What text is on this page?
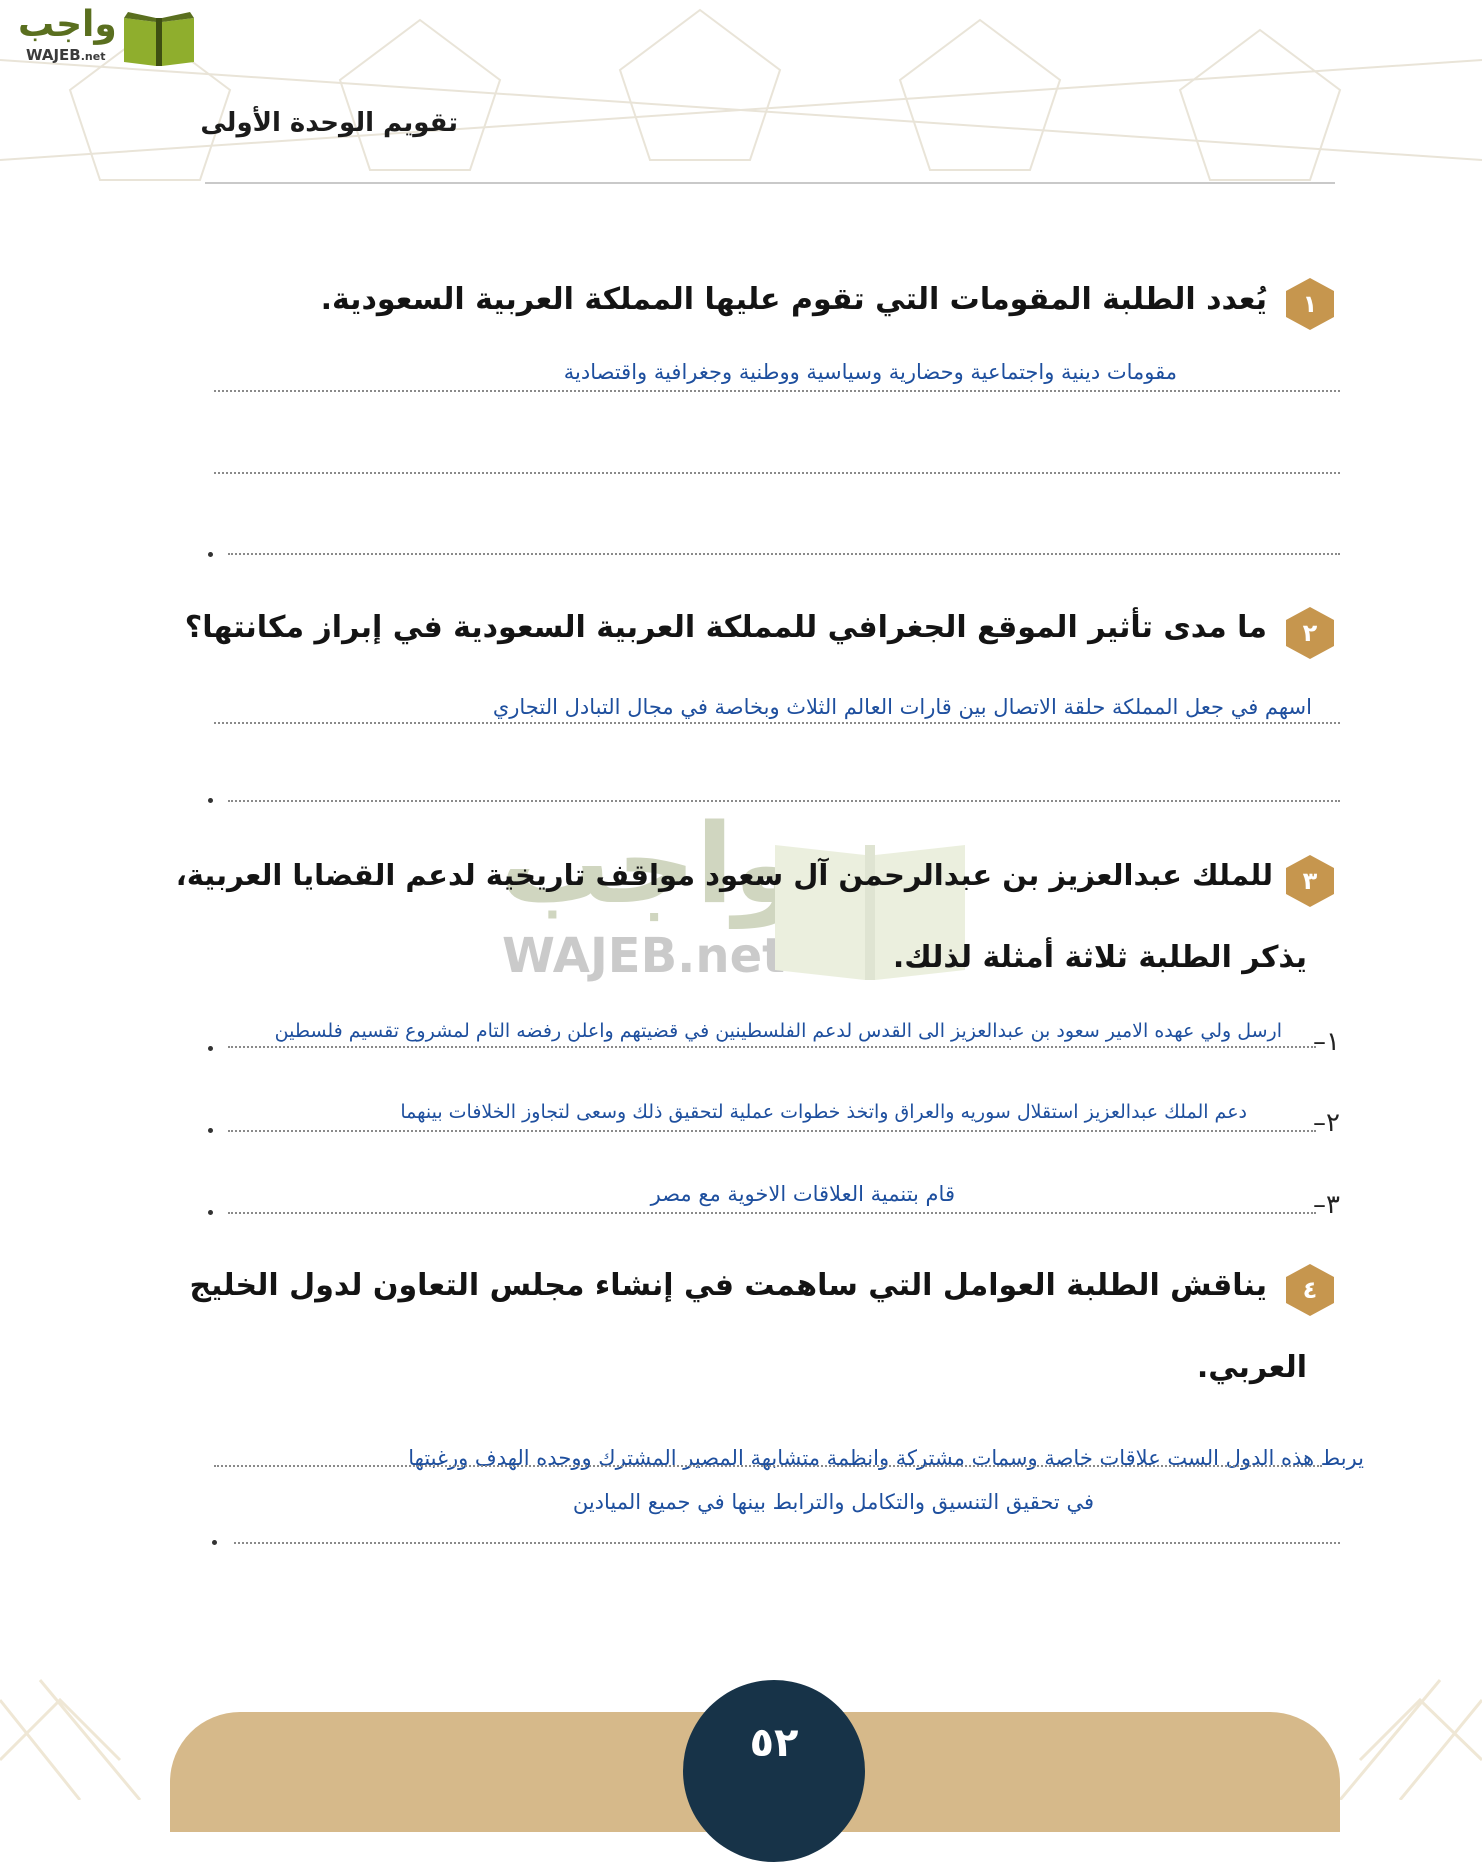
واجب
WAJEB.net
تقويم الوحدة الأولى
واجب
WAJEB.net
١
يُعدد الطلبة المقومات التي تقوم عليها المملكة العربية السعودية.
مقومات دينية واجتماعية وحضارية وسياسية ووطنية وجغرافية واقتصادية
٢
ما مدى تأثير الموقع الجغرافي للمملكة العربية السعودية في إبراز مكانتها؟
اسهم في جعل المملكة حلقة الاتصال بين قارات العالم الثلاث وبخاصة في مجال التبادل التجاري
٣
للملك عبدالعزيز بن عبدالرحمن آل سعود مواقف تاريخية لدعم القضايا العربية،
يذكر الطلبة ثلاثة أمثلة لذلك.
١–
ارسل ولي عهده الامير سعود بن عبدالعزيز الى القدس لدعم الفلسطينين في قضيتهم واعلن رفضه التام لمشروع تقسيم فلسطين
٢–
دعم الملك عبدالعزيز استقلال سوريه والعراق واتخذ خطوات عملية لتحقيق ذلك وسعى لتجاوز الخلافات بينهما
٣–
قام بتنمية العلاقات الاخوية مع مصر
٤
يناقش الطلبة العوامل التي ساهمت في إنشاء مجلس التعاون لدول الخليج
العربي.
يربط هذه الدول الست علاقات خاصة وسمات مشتركة وانظمة متشابهة المصير المشترك ووحده الهدف ورغبتها
في تحقيق التنسيق والتكامل والترابط بينها في جميع الميادين
٥٢
